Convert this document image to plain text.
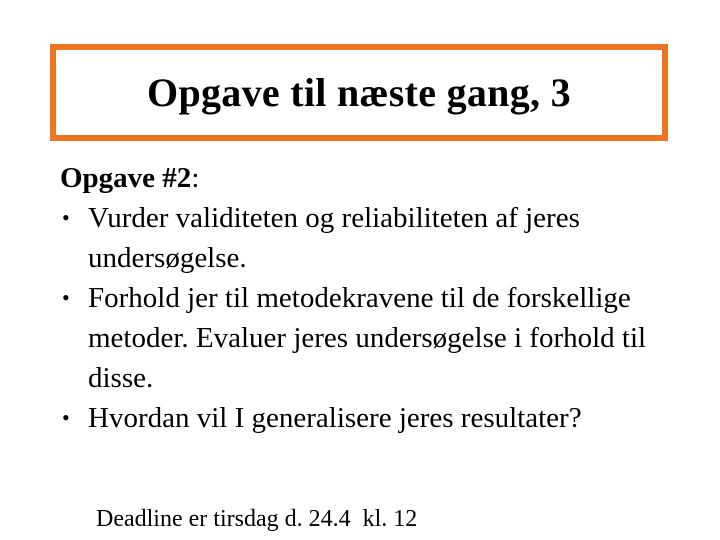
Opgave til næste gang, 3
Opgave #2:
• Vurder validiteten og reliabiliteten af jeres undersøgelse.
• Forhold jer til metodekravene til de forskellige metoder. Evaluer jeres undersøgelse i forhold til disse.
• Hvordan vil I generalisere jeres resultater?
Deadline er tirsdag d. 24.4  kl. 12
